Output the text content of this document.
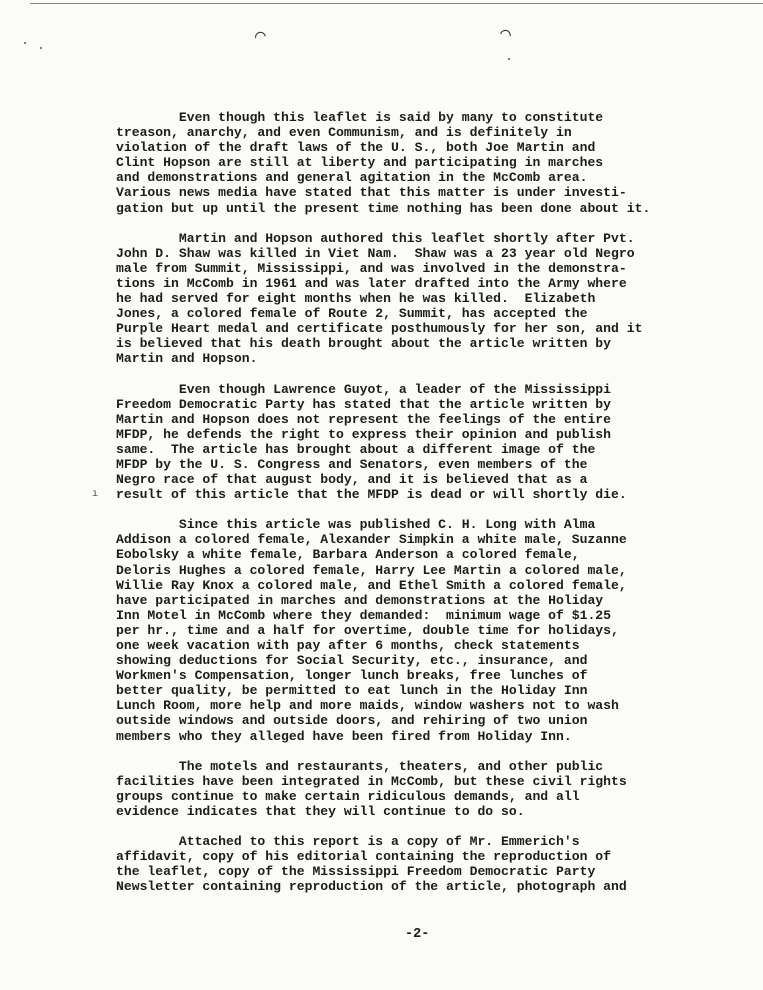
⌒	⌒
Even though this leaflet is said by many to constitute
treason, anarchy, and even Communism, and is definitely in
violation of the draft laws of the U. S., both Joe Martin and
Clint Hopson are still at liberty and participating in marches
and demonstrations and general agitation in the McComb area.
Various news media have stated that this matter is under investi-
gation but up until the present time nothing has been done about it.
Martin and Hopson authored this leaflet shortly after Pvt.
John D. Shaw was killed in Viet Nam.  Shaw was a 23 year old Negro
male from Summit, Mississippi, and was involved in the demonstra-
tions in McComb in 1961 and was later drafted into the Army where
he had served for eight months when he was killed.  Elizabeth
Jones, a colored female of Route 2, Summit, has accepted the
Purple Heart medal and certificate posthumously for her son, and it
is believed that his death brought about the article written by
Martin and Hopson.
Even though Lawrence Guyot, a leader of the Mississippi
Freedom Democratic Party has stated that the article written by
Martin and Hopson does not represent the feelings of the entire
MFDP, he defends the right to express their opinion and publish
same.  The article has brought about a different image of the
MFDP by the U. S. Congress and Senators, even members of the
Negro race of that august body, and it is believed that as a
result of this article that the MFDP is dead or will shortly die.
Since this article was published C. H. Long with Alma
Addison a colored female, Alexander Simpkin a white male, Suzanne
Eobolsky a white female, Barbara Anderson a colored female,
Deloris Hughes a colored female, Harry Lee Martin a colored male,
Willie Ray Knox a colored male, and Ethel Smith a colored female,
have participated in marches and demonstrations at the Holiday
Inn Motel in McComb where they demanded:  minimum wage of $1.25
per hr., time and a half for overtime, double time for holidays,
one week vacation with pay after 6 months, check statements
showing deductions for Social Security, etc., insurance, and
Workmen's Compensation, longer lunch breaks, free lunches of
better quality, be permitted to eat lunch in the Holiday Inn
Lunch Room, more help and more maids, window washers not to wash
outside windows and outside doors, and rehiring of two union
members who they alleged have been fired from Holiday Inn.
The motels and restaurants, theaters, and other public
facilities have been integrated in McComb, but these civil rights
groups continue to make certain ridiculous demands, and all
evidence indicates that they will continue to do so.
Attached to this report is a copy of Mr. Emmerich's
affidavit, copy of his editorial containing the reproduction of
the leaflet, copy of the Mississippi Freedom Democratic Party
Newsletter containing reproduction of the article, photograph and
ı
-2-
